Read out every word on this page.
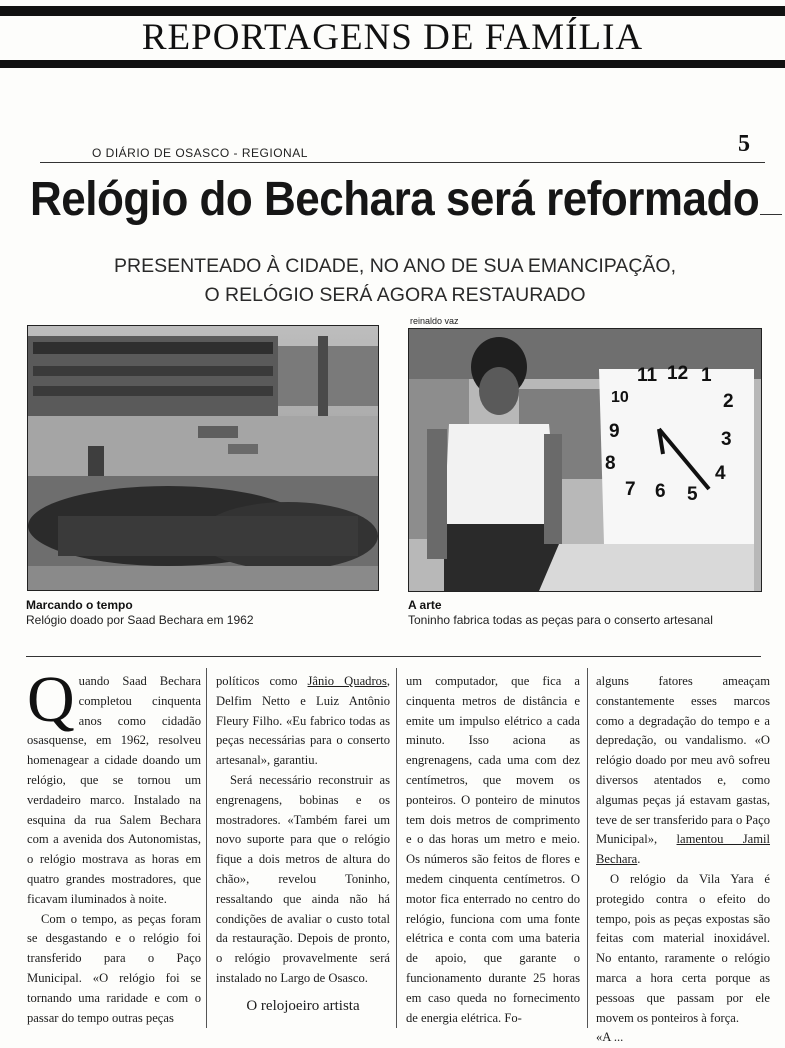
REPORTAGENS DE FAMÍLIA
O DIÁRIO DE OSASCO - REGIONAL	5
Relógio do Bechara será reformado
PRESENTEADO À CIDADE, NO ANO DE SUA EMANCIPAÇÃO,
O RELÓGIO SERÁ AGORA RESTAURADO
Marcando o tempo
Relógio doado por Saad Bechara em 1962
reinaldo vaz
11 12 1
10	2
9	3
8	4
7 6 5
A arte
Toninho fabrica todas as peças para o conserto artesanal

Quando Saad Bechara completou cinquenta anos como cidadão osasquense, em 1962, resolveu homenagear a cidade doando um relógio, que se tornou um verdadeiro marco. Instalado na esquina da rua Salem Bechara com a avenida dos Autonomistas, o relógio mostrava as horas em quatro grandes mostradores, que ficavam iluminados à noite.

Com o tempo, as peças foram se desgastando e o relógio foi transferido para o Paço Municipal. «O relógio foi se tornando uma raridade e com o passar do tempo outras peças

políticos como Jânio Quadros, Delfim Netto e Luiz Antônio Fleury Filho. «Eu fabrico todas as peças necessárias para o conserto artesanal», garantiu.

Será necessário reconstruir as engrenagens, bobinas e os mostradores. «Também farei um novo suporte para que o relógio fique a dois metros de altura do chão», revelou Toninho, ressaltando que ainda não há condições de avaliar o custo total da restauração. Depois de pronto, o relógio provavelmente será instalado no Largo de Osasco.

O relojoeiro artista

um computador, que fica a cinquenta metros de distância e emite um impulso elétrico a cada minuto. Isso aciona as engrenagens, cada uma com dez centímetros, que movem os ponteiros. O ponteiro de minutos tem dois metros de comprimento e o das horas um metro e meio. Os números são feitos de flores e medem cinquenta centímetros. O motor fica enterrado no centro do relógio, funciona com uma fonte elétrica e conta com uma bateria de apoio, que garante o funcionamento durante 25 horas em caso queda no fornecimento de energia elétrica. Fo-

alguns fatores ameaçam constantemente esses marcos como a degradação do tempo e a depredação, ou vandalismo. «O relógio doado por meu avô sofreu diversos atentados e, como algumas peças já estavam gastas, teve de ser transferido para o Paço Municipal», lamentou Jamil Bechara.

O relógio da Vila Yara é protegido contra o efeito do tempo, pois as peças expostas são feitas com material inoxidável. No entanto, raramente o relógio marca a hora certa porque as pessoas que passam por ele movem os ponteiros à força.

«A ...
